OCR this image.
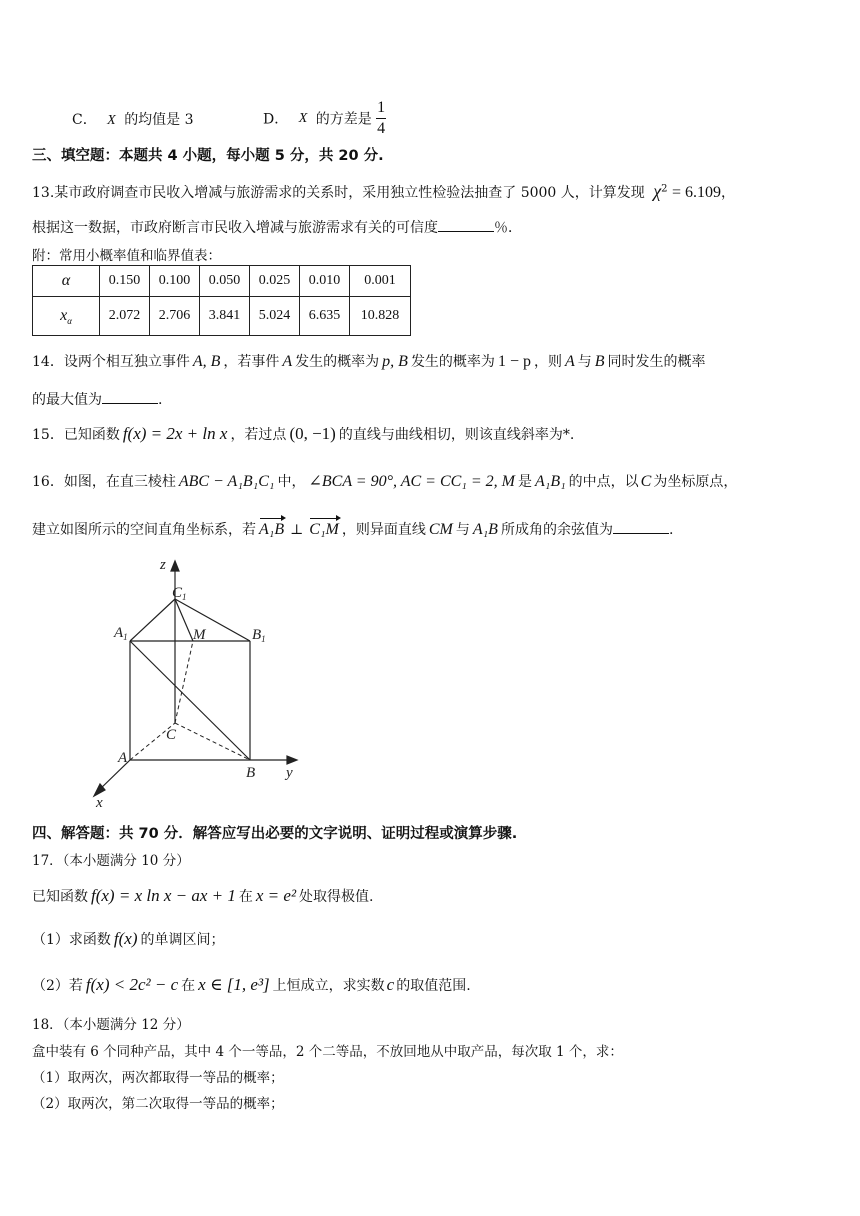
C． X 的均值是 3	D． X 的方差是 $\frac{1}{4}$
三、填空题：本题共 4 小题，每小题 5 分，共 20 分.
13.某市政府调查市民收入增减与旅游需求的关系时，采用独立性检验法抽查了 5000 人，计算发现 $\chi^2 = 6.109$，
根据这一数据，市政府断言市民收入增减与旅游需求有关的可信度	％．
附：常用小概率值和临界值表：
α	0.150	0.100	0.050	0.025	0.010	0.001
$x_\alpha$	2.072	2.706	3.841	5.024	6.635	10.828
14．设两个相互独立事件 A, B ，若事件 A 发生的概率为 p, B 发生的概率为 1 − p ，则 A 与 B 同时发生的概率
的最大值为	.
15．已知函数 f(x) = 2x + ln x ，若过点 (0, −1) 的直线与曲线相切，则该直线斜率为*.
16．如图，在直三棱柱 ABC − A₁B₁C₁ 中， ∠BCA = 90°, AC = CC₁ = 2, M 是 A₁B₁ 的中点，以 C 为坐标原点，
建立如图所示的空间直角坐标系，若 A₁B ⊥ C₁M ，则异面直线 CM 与 A₁B 所成角的余弦值为	.
z
y
x
$C_1$
$A_1$	$B_1$
M
C
A
B
四、解答题：共 70 分．解答应写出必要的文字说明、证明过程或演算步骤.
17．（本小题满分 10 分）
已知函数 f(x) = x ln x − ax + 1 在 x = e² 处取得极值.
（1）求函数 f(x) 的单调区间；
（2）若 f(x) < 2c² − c 在 x ∈ [1, e³] 上恒成立，求实数 c 的取值范围.
18．（本小题满分 12 分）
盒中装有 6 个同种产品，其中 4 个一等品，2 个二等品，不放回地从中取产品，每次取 1 个，求：
（1）取两次，两次都取得一等品的概率；
（2）取两次，第二次取得一等品的概率；
